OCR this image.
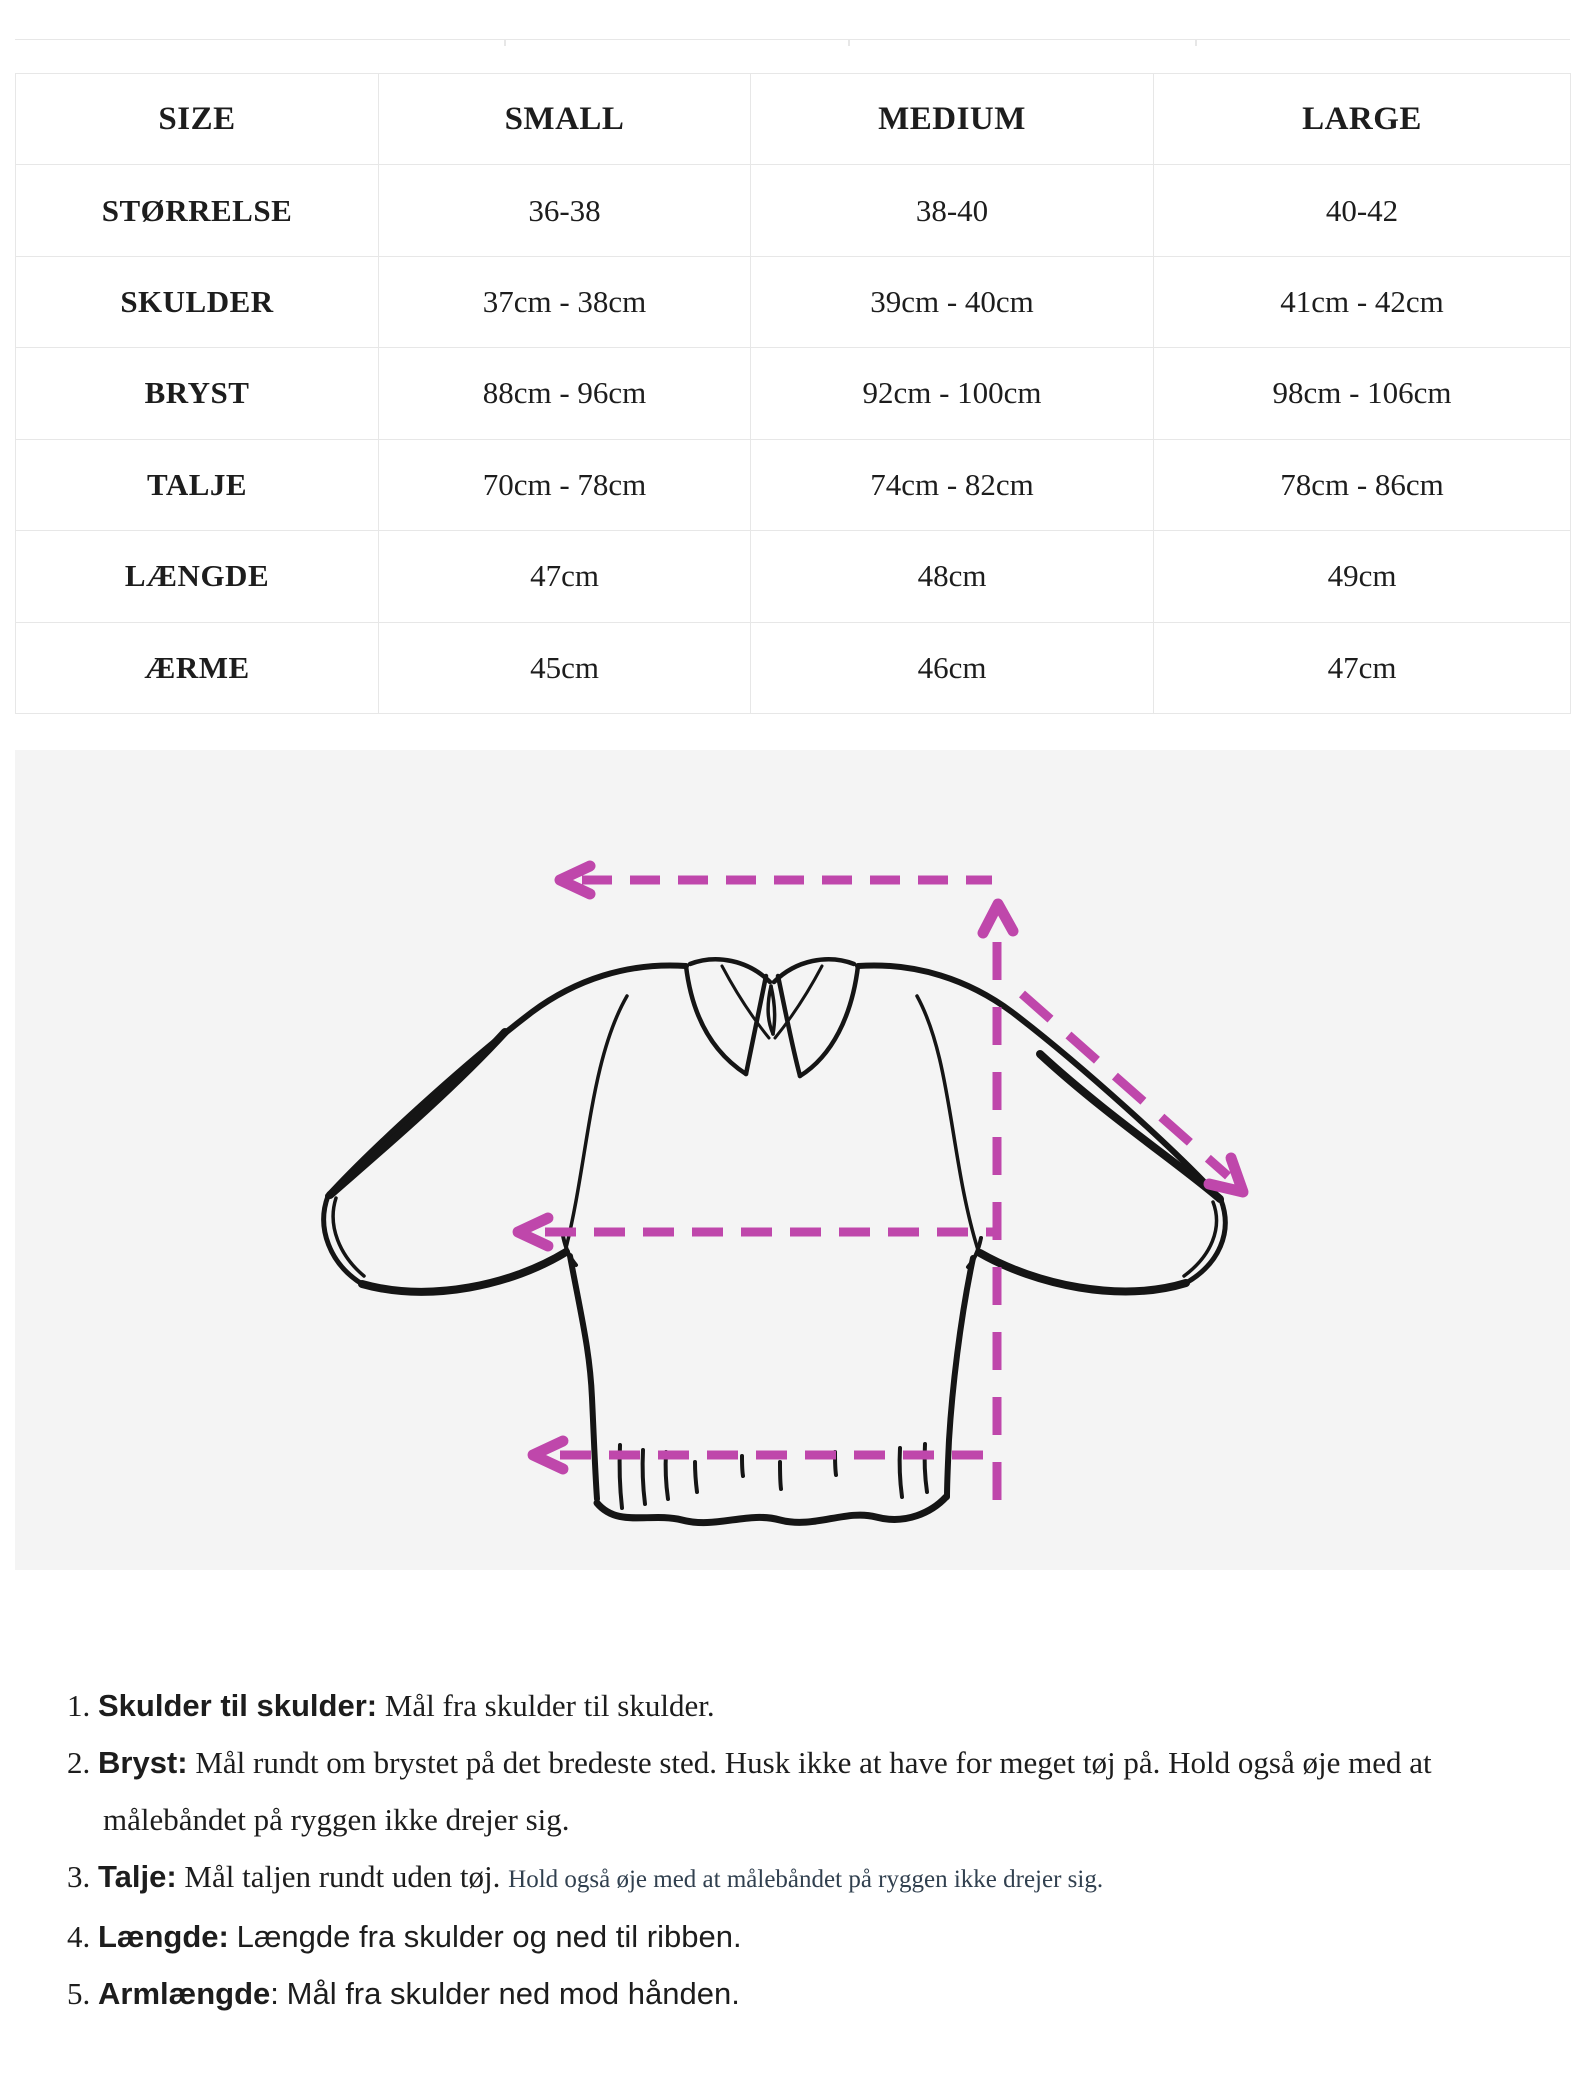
SIZE	SMALL	MEDIUM	LARGE
STØRRELSE	36-38	38-40	40-42
SKULDER	37cm - 38cm	39cm - 40cm	41cm - 42cm
BRYST	88cm - 96cm	92cm - 100cm	98cm - 106cm
TALJE	70cm - 78cm	74cm - 82cm	78cm - 86cm
LÆNGDE	47cm	48cm	49cm
ÆRME	45cm	46cm	47cm
1. Skulder til skulder: Mål fra skulder til skulder.
2. Bryst: Mål rundt om brystet på det bredeste sted. Husk ikke at have for meget tøj på. Hold også øje med at
målebåndet på ryggen ikke drejer sig.
3. Talje: Mål taljen rundt uden tøj. Hold også øje med at målebåndet på ryggen ikke drejer sig.
4. Længde: Længde fra skulder og ned til ribben.
5. Armlængde: Mål fra skulder ned mod hånden.
